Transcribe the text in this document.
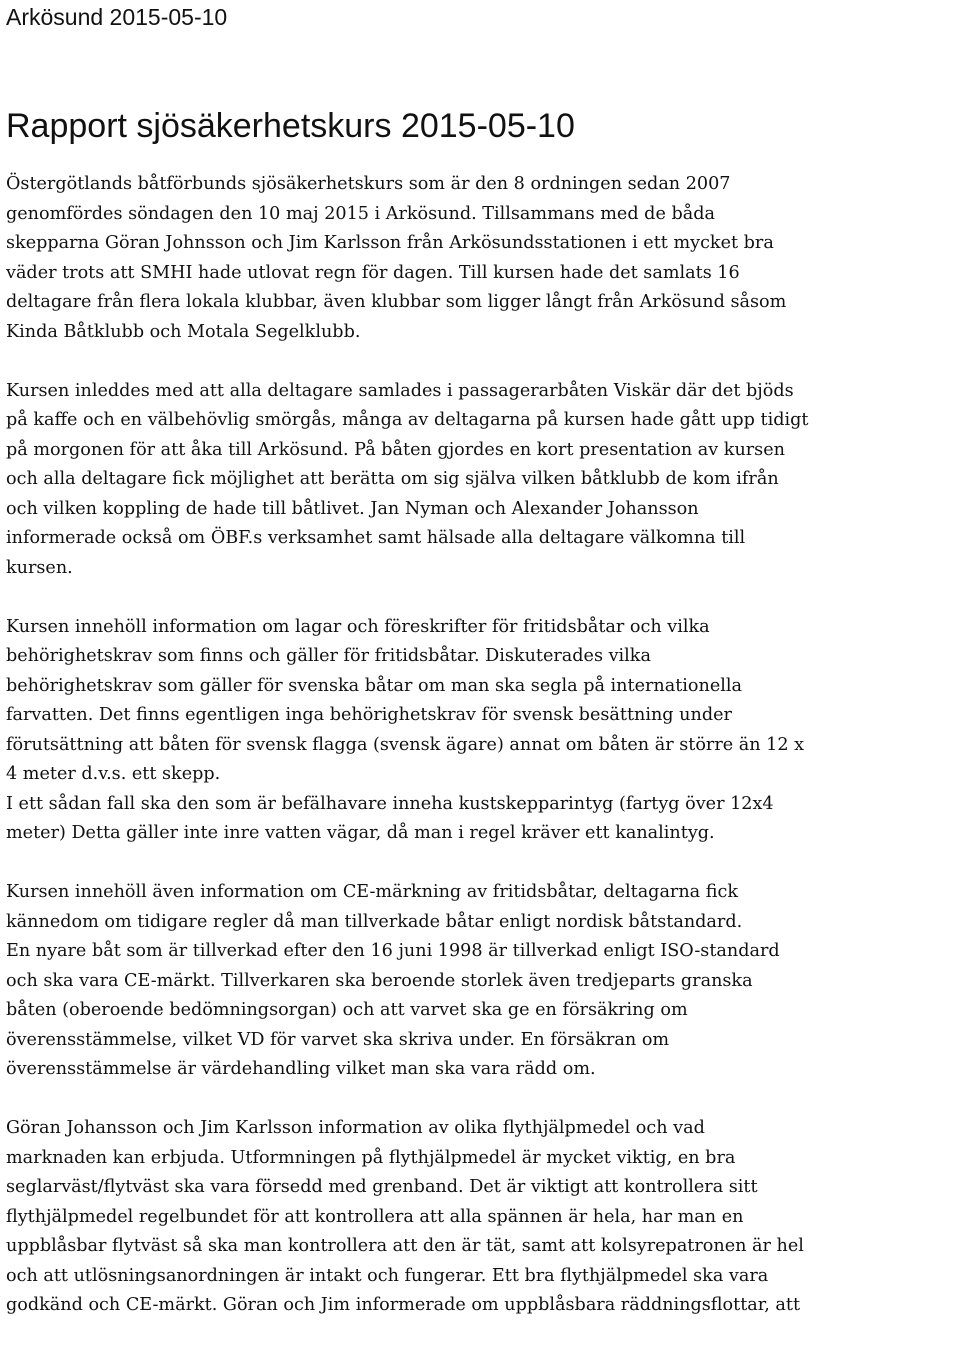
Arkösund 2015-05-10
Rapport sjösäkerhetskurs 2015-05-10

Östergötlands båtförbunds sjösäkerhetskurs som är den 8 ordningen sedan 2007
genomfördes söndagen den 10 maj 2015 i Arkösund. Tillsammans med de båda
skepparna Göran Johnsson och Jim Karlsson från Arkösundsstationen i ett mycket bra
väder trots att SMHI hade utlovat regn för dagen. Till kursen hade det samlats 16
deltagare från flera lokala klubbar, även klubbar som ligger långt från Arkösund såsom
Kinda Båtklubb och Motala Segelklubb.

Kursen inleddes med att alla deltagare samlades i passagerarbåten Viskär där det bjöds
på kaffe och en välbehövlig smörgås, många av deltagarna på kursen hade gått upp tidigt
på morgonen för att åka till Arkösund. På båten gjordes en kort presentation av kursen
och alla deltagare fick möjlighet att berätta om sig själva vilken båtklubb de kom ifrån
och vilken koppling de hade till båtlivet. Jan Nyman och Alexander Johansson
informerade också om ÖBF.s verksamhet samt hälsade alla deltagare välkomna till
kursen.

Kursen innehöll information om lagar och föreskrifter för fritidsbåtar och vilka
behörighetskrav som finns och gäller för fritidsbåtar. Diskuterades vilka
behörighetskrav som gäller för svenska båtar om man ska segla på internationella
farvatten. Det finns egentligen inga behörighetskrav för svensk besättning under
förutsättning att båten för svensk flagga (svensk ägare) annat om båten är större än 12 x
4 meter d.v.s. ett skepp.
I ett sådan fall ska den som är befälhavare inneha kustskepparintyg (fartyg över 12x4
meter) Detta gäller inte inre vatten vägar, då man i regel kräver ett kanalintyg.

Kursen innehöll även information om CE-märkning av fritidsbåtar, deltagarna fick
kännedom om tidigare regler då man tillverkade båtar enligt nordisk båtstandard.
En nyare båt som är tillverkad efter den 16 juni 1998 är tillverkad enligt ISO-standard
och ska vara CE-märkt. Tillverkaren ska beroende storlek även tredjeparts granska
båten (oberoende bedömningsorgan) och att varvet ska ge en försäkring om
överensstämmelse, vilket VD för varvet ska skriva under. En försäkran om
överensstämmelse är värdehandling vilket man ska vara rädd om.

Göran Johansson och Jim Karlsson information av olika flythjälpmedel och vad
marknaden kan erbjuda. Utformningen på flythjälpmedel är mycket viktig, en bra
seglarväst/flytväst ska vara försedd med grenband. Det är viktigt att kontrollera sitt
flythjälpmedel regelbundet för att kontrollera att alla spännen är hela, har man en
uppblåsbar flytväst så ska man kontrollera att den är tät, samt att kolsyrepatronen är hel
och att utlösningsanordningen är intakt och fungerar. Ett bra flythjälpmedel ska vara
godkänd och CE-märkt. Göran och Jim informerade om uppblåsbara räddningsflottar, att
